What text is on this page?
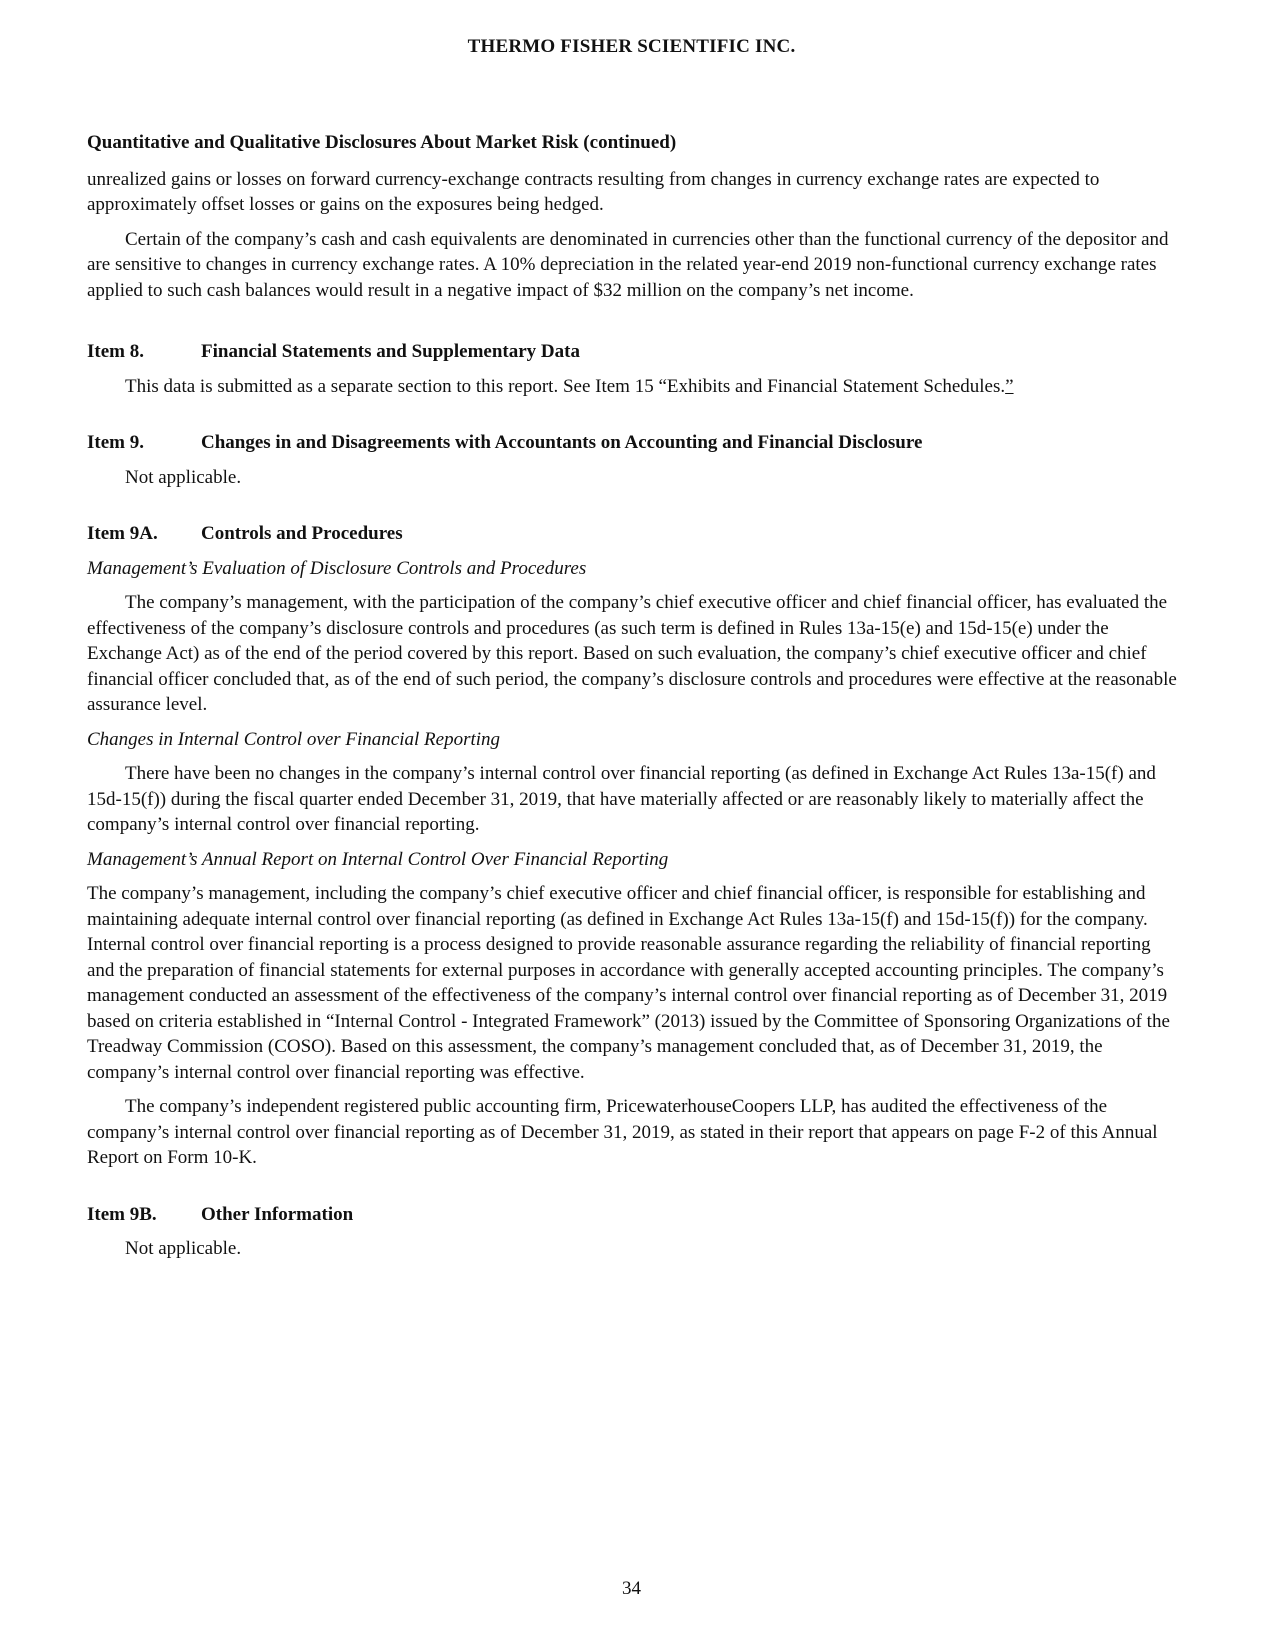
THERMO FISHER SCIENTIFIC INC.
Quantitative and Qualitative Disclosures About Market Risk (continued)

unrealized gains or losses on forward currency-exchange contracts resulting from changes in currency exchange rates are expected to approximately offset losses or gains on the exposures being hedged.

Certain of the company’s cash and cash equivalents are denominated in currencies other than the functional currency of the depositor and are sensitive to changes in currency exchange rates. A 10% depreciation in the related year-end 2019 non-functional currency exchange rates applied to such cash balances would result in a negative impact of $32 million on the company’s net income.

Item 8.	Financial Statements and Supplementary Data

This data is submitted as a separate section to this report. See Item 15 “Exhibits and Financial Statement Schedules.”

Item 9.	Changes in and Disagreements with Accountants on Accounting and Financial Disclosure

Not applicable.

Item 9A.	Controls and Procedures
Management’s Evaluation of Disclosure Controls and Procedures

The company’s management, with the participation of the company’s chief executive officer and chief financial officer, has evaluated the effectiveness of the company’s disclosure controls and procedures (as such term is defined in Rules 13a-15(e) and 15d-15(e) under the Exchange Act) as of the end of the period covered by this report. Based on such evaluation, the company’s chief executive officer and chief financial officer concluded that, as of the end of such period, the company’s disclosure controls and procedures were effective at the reasonable assurance level.

Changes in Internal Control over Financial Reporting

There have been no changes in the company’s internal control over financial reporting (as defined in Exchange Act Rules 13a-15(f) and 15d-15(f)) during the fiscal quarter ended December 31, 2019, that have materially affected or are reasonably likely to materially affect the company’s internal control over financial reporting.

Management’s Annual Report on Internal Control Over Financial Reporting

The company’s management, including the company’s chief executive officer and chief financial officer, is responsible for establishing and maintaining adequate internal control over financial reporting (as defined in Exchange Act Rules 13a-15(f) and 15d-15(f)) for the company. Internal control over financial reporting is a process designed to provide reasonable assurance regarding the reliability of financial reporting and the preparation of financial statements for external purposes in accordance with generally accepted accounting principles. The company’s management conducted an assessment of the effectiveness of the company’s internal control over financial reporting as of December 31, 2019 based on criteria established in “Internal Control - Integrated Framework” (2013) issued by the Committee of Sponsoring Organizations of the Treadway Commission (COSO). Based on this assessment, the company’s management concluded that, as of December 31, 2019, the company’s internal control over financial reporting was effective.

The company’s independent registered public accounting firm, PricewaterhouseCoopers LLP, has audited the effectiveness of the company’s internal control over financial reporting as of December 31, 2019, as stated in their report that appears on page F-2 of this Annual Report on Form 10-K.

Item 9B.	Other Information

Not applicable.

34
